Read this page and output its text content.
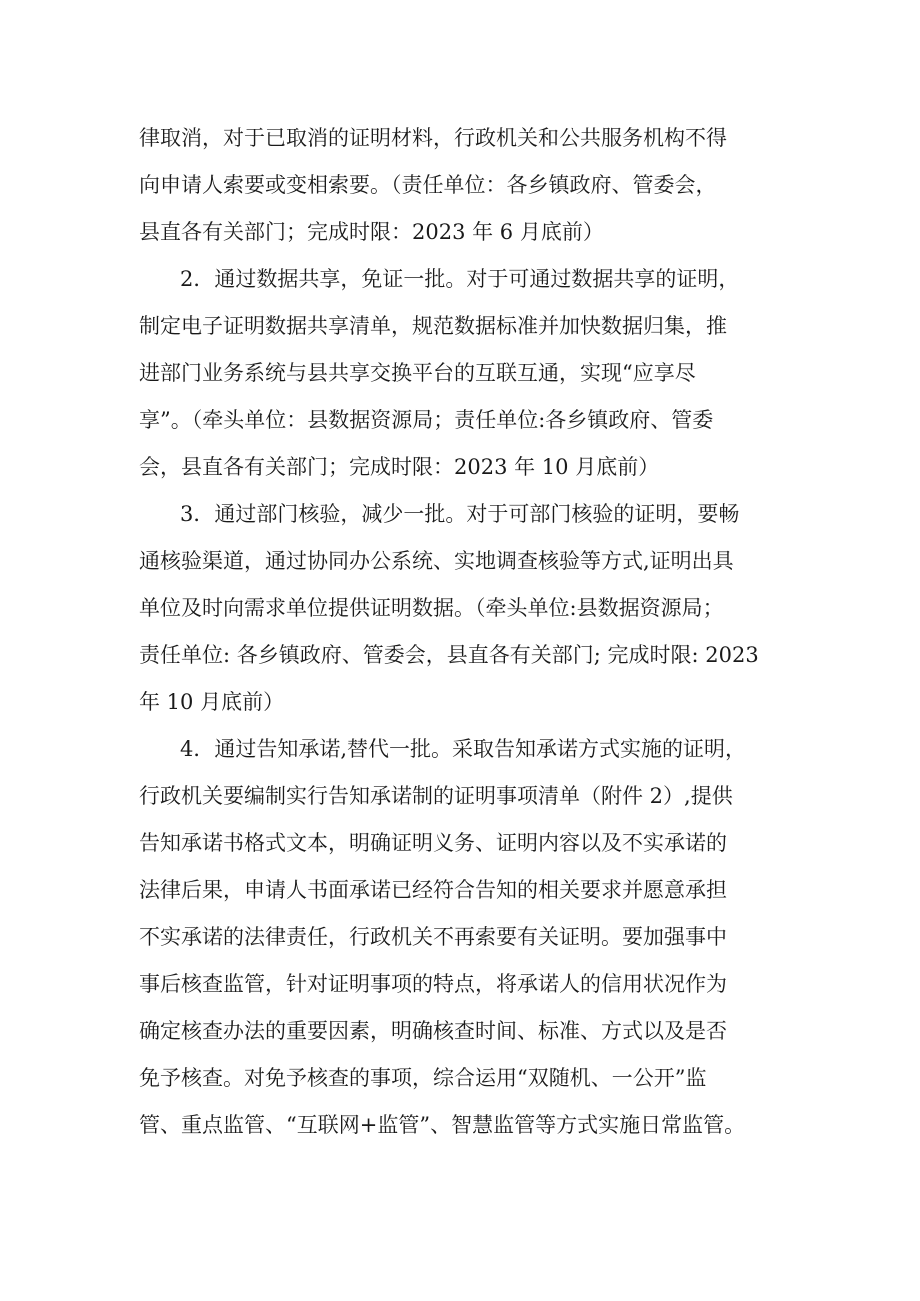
律取消，对于已取消的证明材料，行政机关和公共服务机构不得
向申请人索要或变相索要。（责任单位：各乡镇政府、管委会，
县直各有关部门；完成时限：2023 年 6 月底前）
2．通过数据共享，免证一批。对于可通过数据共享的证明，
制定电子证明数据共享清单，规范数据标准并加快数据归集，推
进部门业务系统与县共享交换平台的互联互通，实现“应享尽
享”。（牵头单位：县数据资源局；责任单位:各乡镇政府、管委
会，县直各有关部门；完成时限：2023 年 10 月底前）
3．通过部门核验，减少一批。对于可部门核验的证明，要畅
通核验渠道，通过协同办公系统、实地调查核验等方式,证明出具
单位及时向需求单位提供证明数据。（牵头单位:县数据资源局；
责任单位: 各乡镇政府、管委会，县直各有关部门; 完成时限: 2023
年 10 月底前）
4．通过告知承诺,替代一批。采取告知承诺方式实施的证明，
行政机关要编制实行告知承诺制的证明事项清单（附件 2）,提供
告知承诺书格式文本，明确证明义务、证明内容以及不实承诺的
法律后果，申请人书面承诺已经符合告知的相关要求并愿意承担
不实承诺的法律责任，行政机关不再索要有关证明。要加强事中
事后核查监管，针对证明事项的特点，将承诺人的信用状况作为
确定核查办法的重要因素，明确核查时间、标准、方式以及是否
免予核查。对免予核查的事项，综合运用“双随机、一公开”监
管、重点监管、“互联网+监管”、智慧监管等方式实施日常监管。
